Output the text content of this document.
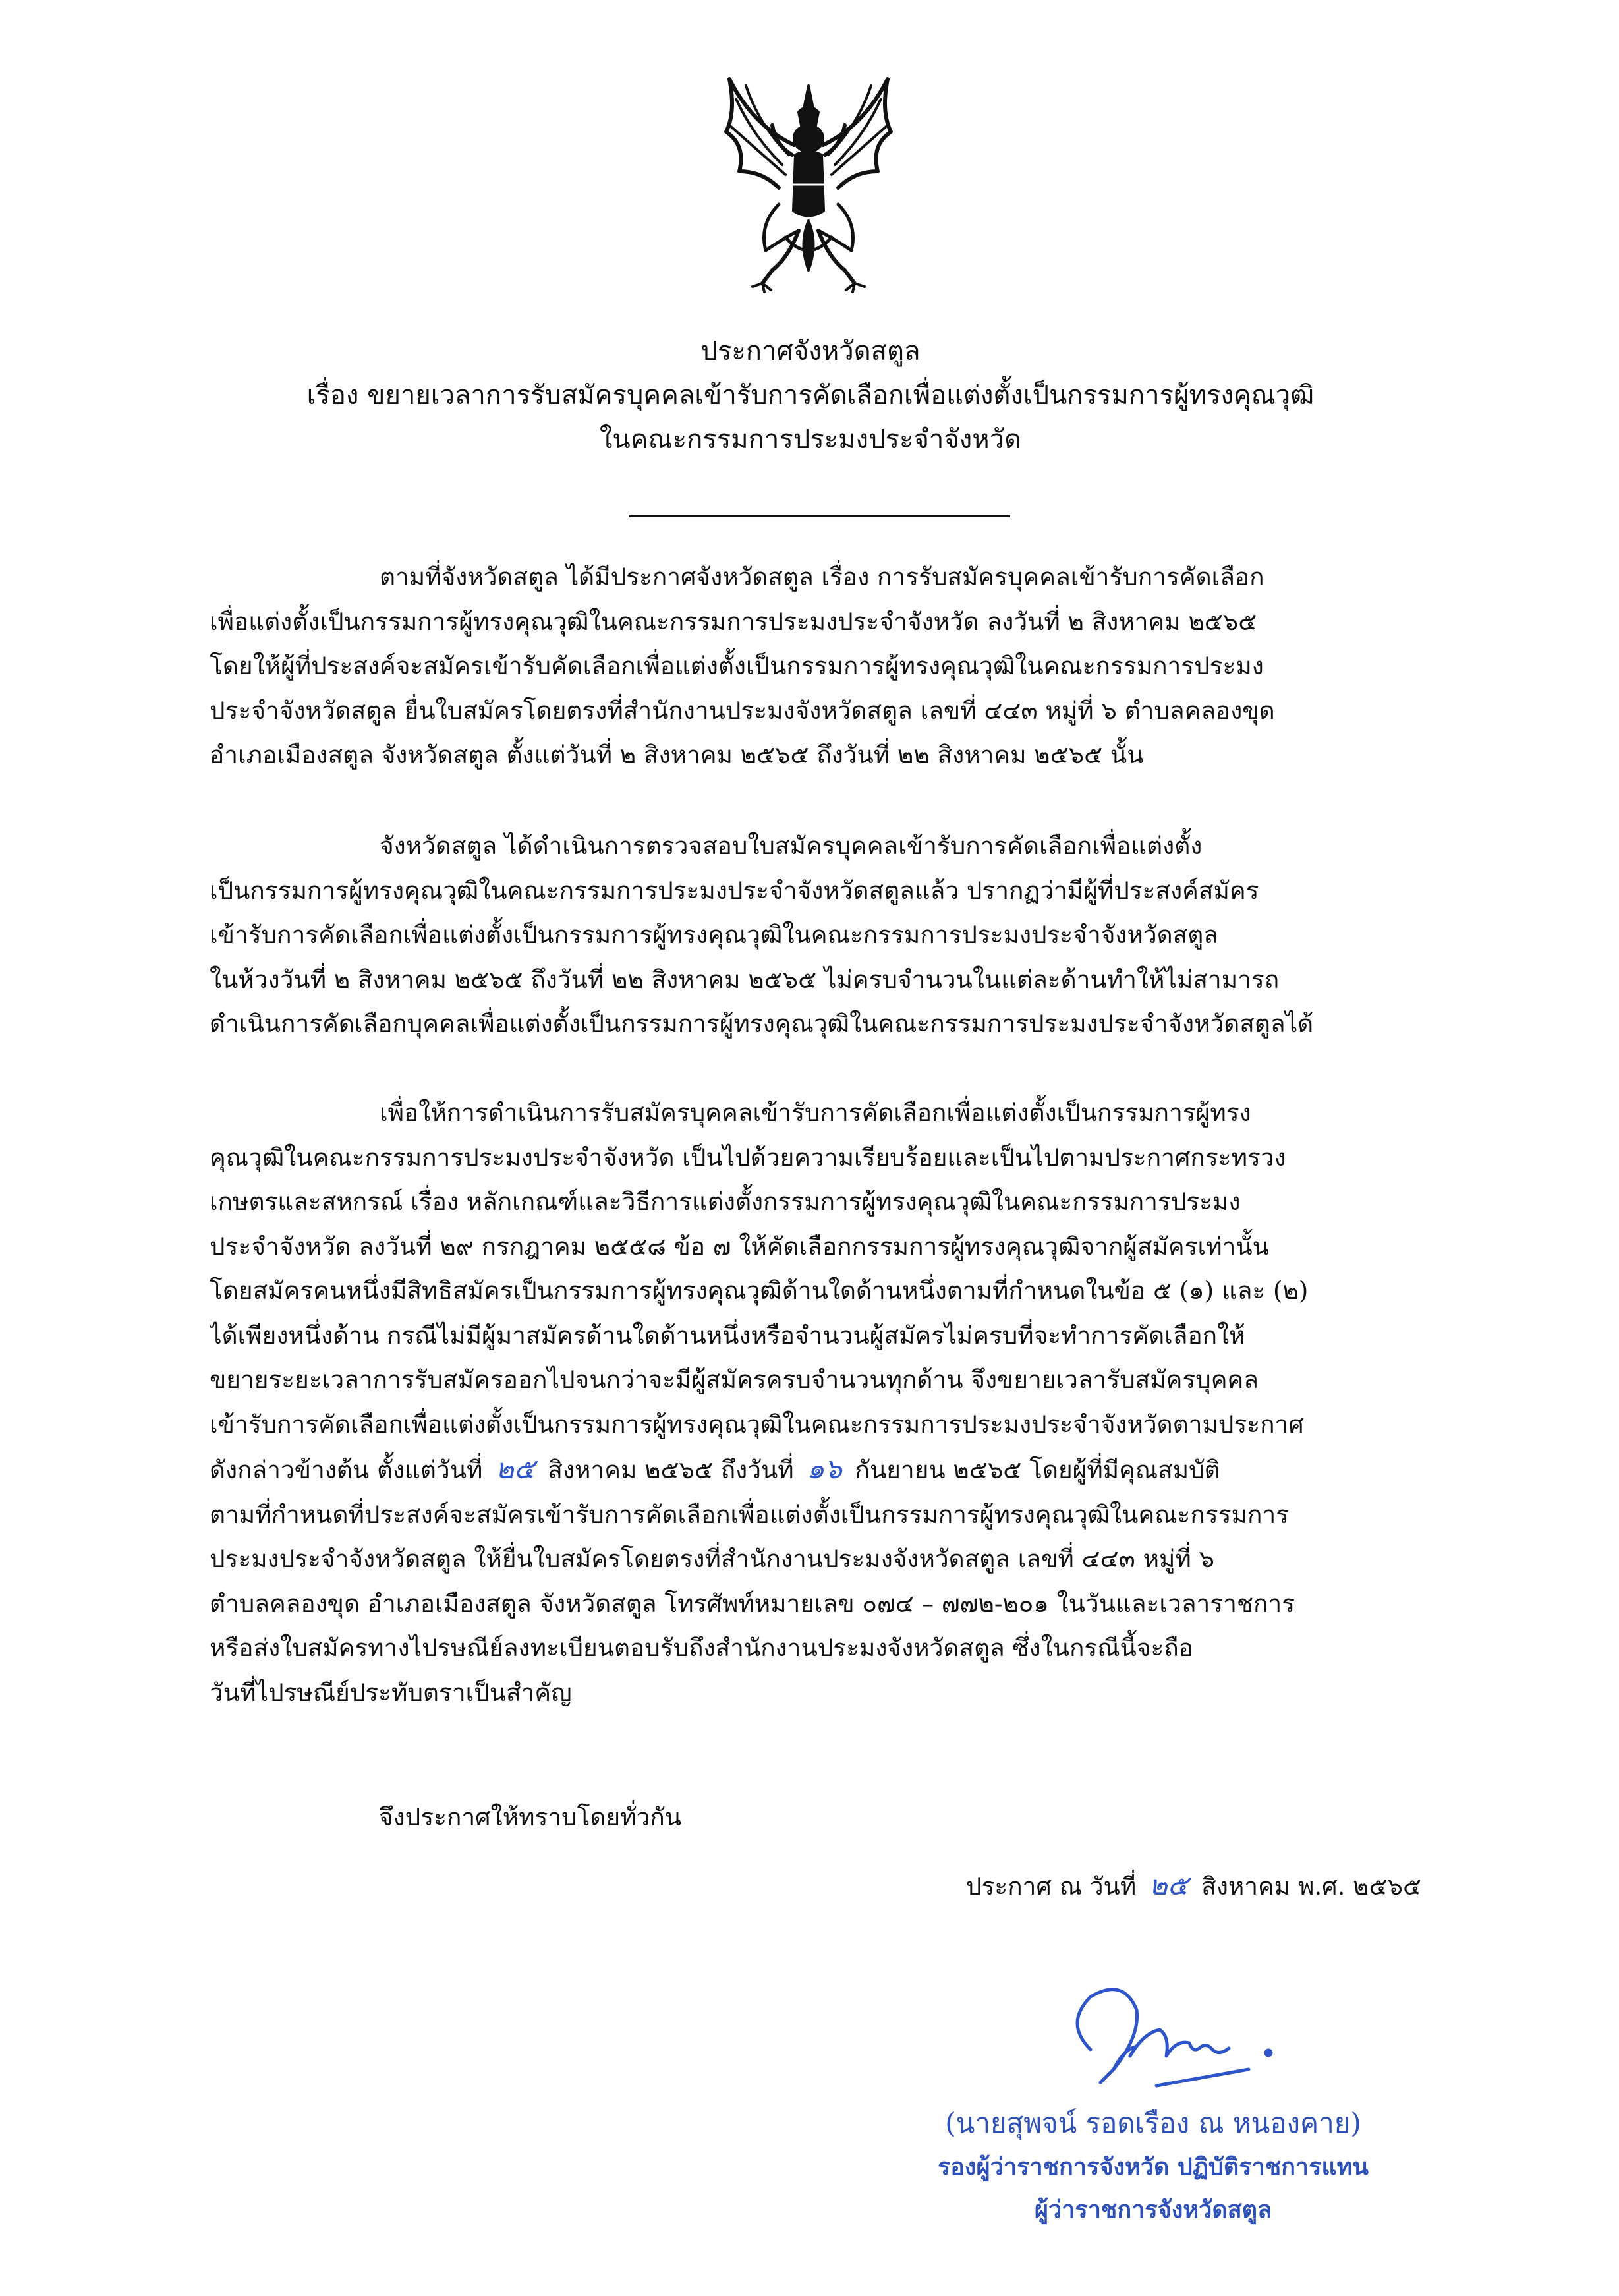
ประกาศจังหวัดสตูล
เรื่อง ขยายเวลาการรับสมัครบุคคลเข้ารับการคัดเลือกเพื่อแต่งตั้งเป็นกรรมการผู้ทรงคุณวุฒิ
ในคณะกรรมการประมงประจำจังหวัด
ตามที่จังหวัดสตูล ได้มีประกาศจังหวัดสตูล เรื่อง การรับสมัครบุคคลเข้ารับการคัดเลือก
เพื่อแต่งตั้งเป็นกรรมการผู้ทรงคุณวุฒิในคณะกรรมการประมงประจำจังหวัด ลงวันที่ ๒ สิงหาคม ๒๕๖๕
โดยให้ผู้ที่ประสงค์จะสมัครเข้ารับคัดเลือกเพื่อแต่งตั้งเป็นกรรมการผู้ทรงคุณวุฒิในคณะกรรมการประมง
ประจำจังหวัดสตูล ยื่นใบสมัครโดยตรงที่สำนักงานประมงจังหวัดสตูล เลขที่ ๔๔๓ หมู่ที่ ๖ ตำบลคลองขุด
อำเภอเมืองสตูล จังหวัดสตูล ตั้งแต่วันที่ ๒ สิงหาคม ๒๕๖๕ ถึงวันที่ ๒๒ สิงหาคม ๒๕๖๕ นั้น
จังหวัดสตูล ได้ดำเนินการตรวจสอบใบสมัครบุคคลเข้ารับการคัดเลือกเพื่อแต่งตั้ง
เป็นกรรมการผู้ทรงคุณวุฒิในคณะกรรมการประมงประจำจังหวัดสตูลแล้ว ปรากฏว่ามีผู้ที่ประสงค์สมัคร
เข้ารับการคัดเลือกเพื่อแต่งตั้งเป็นกรรมการผู้ทรงคุณวุฒิในคณะกรรมการประมงประจำจังหวัดสตูล
ในห้วงวันที่ ๒ สิงหาคม ๒๕๖๕ ถึงวันที่ ๒๒ สิงหาคม ๒๕๖๕ ไม่ครบจำนวนในแต่ละด้านทำให้ไม่สามารถ
ดำเนินการคัดเลือกบุคคลเพื่อแต่งตั้งเป็นกรรมการผู้ทรงคุณวุฒิในคณะกรรมการประมงประจำจังหวัดสตูลได้
เพื่อให้การดำเนินการรับสมัครบุคคลเข้ารับการคัดเลือกเพื่อแต่งตั้งเป็นกรรมการผู้ทรง
คุณวุฒิในคณะกรรมการประมงประจำจังหวัด เป็นไปด้วยความเรียบร้อยและเป็นไปตามประกาศกระทรวง
เกษตรและสหกรณ์ เรื่อง หลักเกณฑ์และวิธีการแต่งตั้งกรรมการผู้ทรงคุณวุฒิในคณะกรรมการประมง
ประจำจังหวัด ลงวันที่ ๒๙ กรกฎาคม ๒๕๕๘ ข้อ ๗ ให้คัดเลือกกรรมการผู้ทรงคุณวุฒิจากผู้สมัครเท่านั้น
โดยสมัครคนหนึ่งมีสิทธิสมัครเป็นกรรมการผู้ทรงคุณวุฒิด้านใดด้านหนึ่งตามที่กำหนดในข้อ ๕ (๑) และ (๒)
ได้เพียงหนึ่งด้าน กรณีไม่มีผู้มาสมัครด้านใดด้านหนึ่งหรือจำนวนผู้สมัครไม่ครบที่จะทำการคัดเลือกให้
ขยายระยะเวลาการรับสมัครออกไปจนกว่าจะมีผู้สมัครครบจำนวนทุกด้าน จึงขยายเวลารับสมัครบุคคล
เข้ารับการคัดเลือกเพื่อแต่งตั้งเป็นกรรมการผู้ทรงคุณวุฒิในคณะกรรมการประมงประจำจังหวัดตามประกาศ
ดังกล่าวข้างต้น ตั้งแต่วันที่ ๒๕ สิงหาคม ๒๕๖๕ ถึงวันที่ ๑๖ กันยายน ๒๕๖๕ โดยผู้ที่มีคุณสมบัติ
ตามที่กำหนดที่ประสงค์จะสมัครเข้ารับการคัดเลือกเพื่อแต่งตั้งเป็นกรรมการผู้ทรงคุณวุฒิในคณะกรรมการ
ประมงประจำจังหวัดสตูล ให้ยื่นใบสมัครโดยตรงที่สำนักงานประมงจังหวัดสตูล เลขที่ ๔๔๓ หมู่ที่ ๖
ตำบลคลองขุด อำเภอเมืองสตูล จังหวัดสตูล โทรศัพท์หมายเลข ๐๗๔ – ๗๗๒-๒๐๑ ในวันและเวลาราชการ
หรือส่งใบสมัครทางไปรษณีย์ลงทะเบียนตอบรับถึงสำนักงานประมงจังหวัดสตูล ซึ่งในกรณีนี้จะถือ
วันที่ไปรษณีย์ประทับตราเป็นสำคัญ
จึงประกาศให้ทราบโดยทั่วกัน
ประกาศ ณ วันที่ ๒๕ สิงหาคม พ.ศ. ๒๕๖๕
(นายสุพจน์ รอดเรือง ณ หนองคาย)
รองผู้ว่าราชการจังหวัด ปฏิบัติราชการแทน
ผู้ว่าราชการจังหวัดสตูล
